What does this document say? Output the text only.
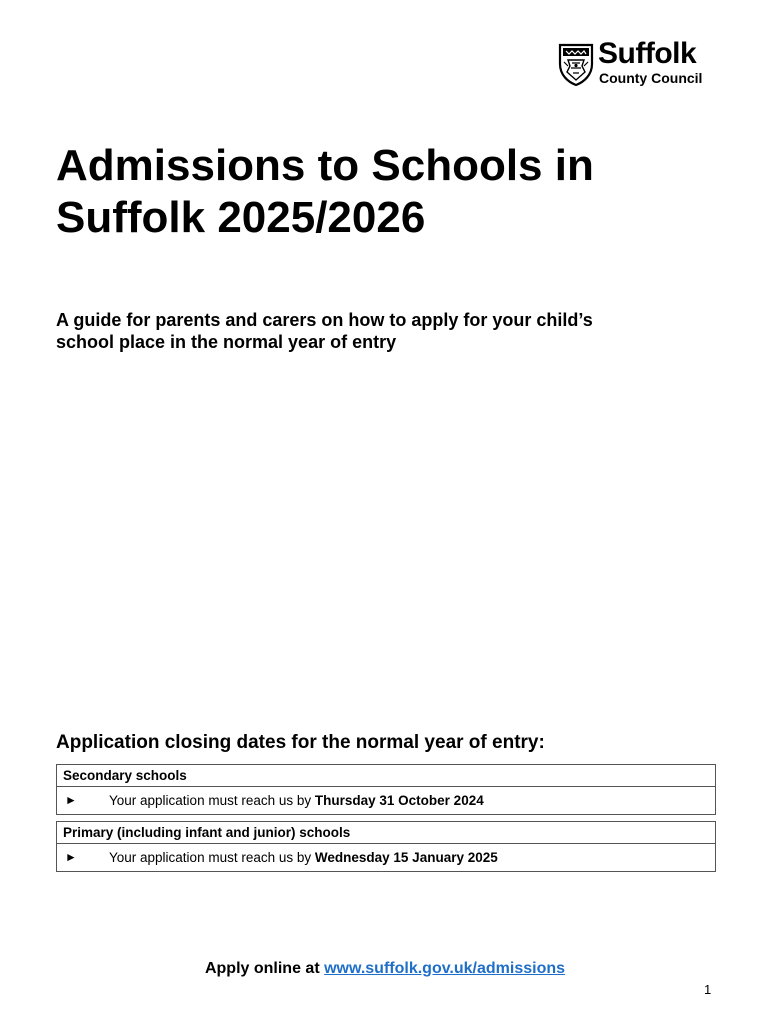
Suffolk
County Council
Admissions to Schools in
Suffolk 2025/2026
A guide for parents and carers on how to apply for your child’s
school place in the normal year of entry
Application closing dates for the normal year of entry:
Secondary schools
► Your application must reach us by Thursday 31 October 2024
Primary (including infant and junior) schools
► Your application must reach us by Wednesday 15 January 2025
Apply online at www.suffolk.gov.uk/admissions
1
